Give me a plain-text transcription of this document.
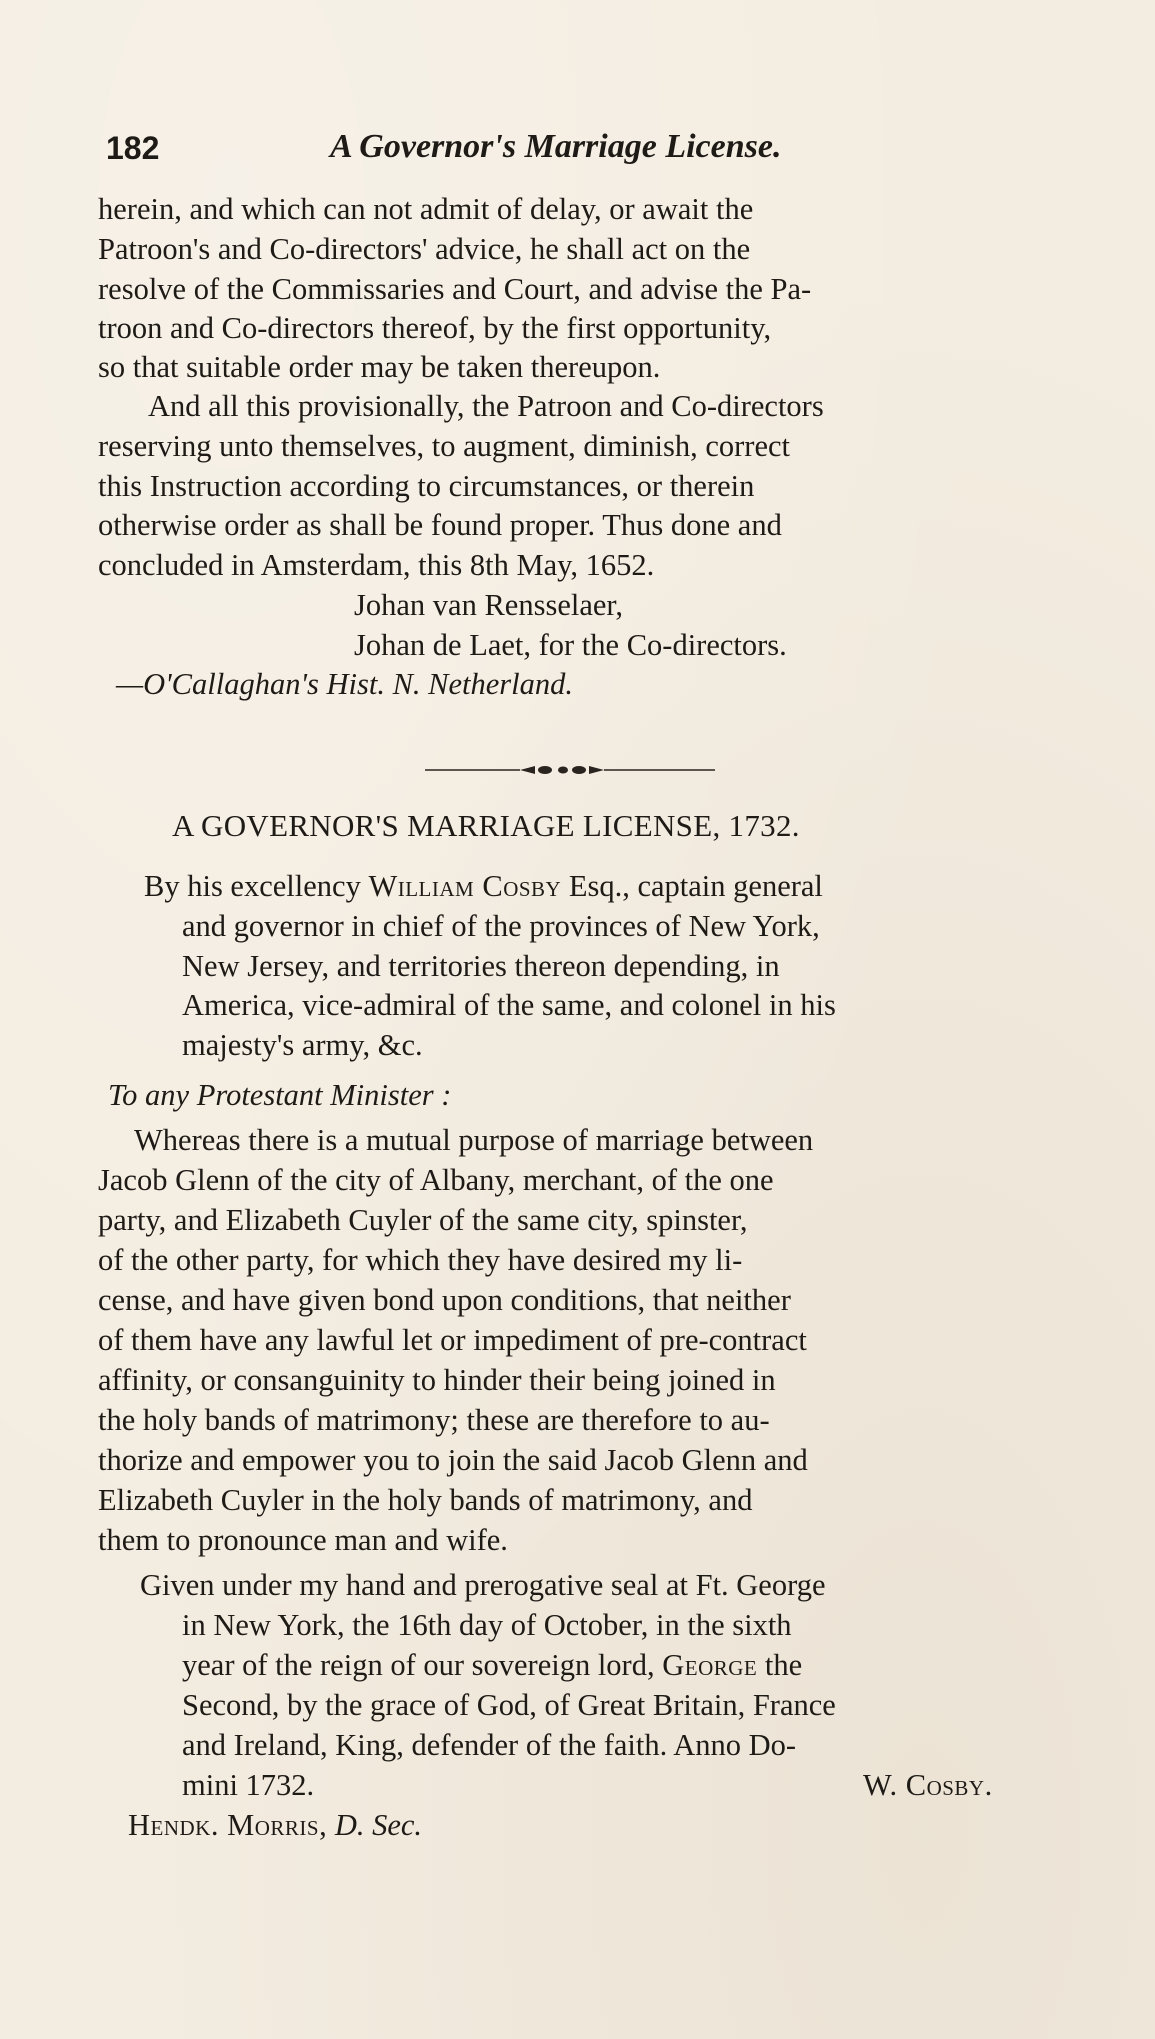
182	A Governor's Marriage License.
herein, and which can not admit of delay, or await the
Patroon's and Co-directors' advice, he shall act on the
resolve of the Commissaries and Court, and advise the Pa-
troon and Co-directors thereof, by the first opportunity,
so that suitable order may be taken thereupon.
And all this provisionally, the Patroon and Co-directors
reserving unto themselves, to augment, diminish, correct
this Instruction according to circumstances, or therein
otherwise order as shall be found proper. Thus done and
concluded in Amsterdam, this 8th May, 1652.
Johan van Rensselaer,
Johan de Laet, for the Co-directors.
—O'Callaghan's Hist. N. Netherland.
A GOVERNOR'S MARRIAGE LICENSE, 1732.
By his excellency William Cosby Esq., captain general
and governor in chief of the provinces of New York,
New Jersey, and territories thereon depending, in
America, vice-admiral of the same, and colonel in his
majesty's army, &c.
To any Protestant Minister :
Whereas there is a mutual purpose of marriage between
Jacob Glenn of the city of Albany, merchant, of the one
party, and Elizabeth Cuyler of the same city, spinster,
of the other party, for which they have desired my li-
cense, and have given bond upon conditions, that neither
of them have any lawful let or impediment of pre-contract
affinity, or consanguinity to hinder their being joined in
the holy bands of matrimony; these are therefore to au-
thorize and empower you to join the said Jacob Glenn and
Elizabeth Cuyler in the holy bands of matrimony, and
them to pronounce man and wife.
Given under my hand and prerogative seal at Ft. George
in New York, the 16th day of October, in the sixth
year of the reign of our sovereign lord, George the
Second, by the grace of God, of Great Britain, France
and Ireland, King, defender of the faith. Anno Do-
mini 1732.	W. Cosby.
Hendk. Morris, D. Sec.
